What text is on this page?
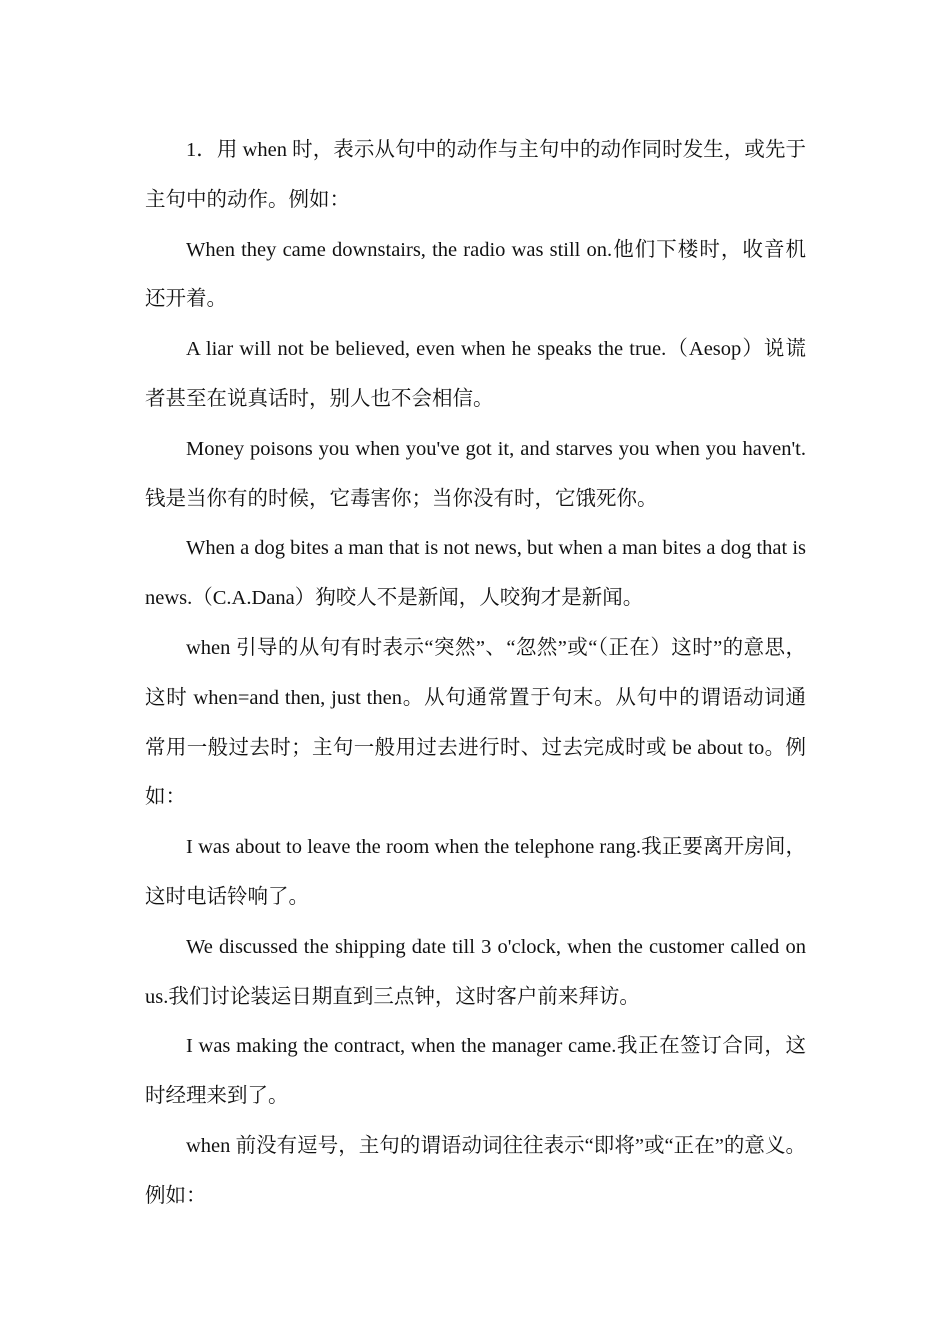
1．用 when 时，表示从句中的动作与主句中的动作同时发生，或先于主句中的动作。例如：

When they came downstairs, the radio was still on.他们下楼时，收音机还开着。

A liar will not be believed, even when he speaks the true.（Aesop）说谎者甚至在说真话时，别人也不会相信。

Money poisons you when you've got it, and starves you when you haven't.钱是当你有的时候，它毒害你；当你没有时，它饿死你。

When a dog bites a man that is not news, but when a man bites a dog that is news.（C.A.Dana）狗咬人不是新闻，人咬狗才是新闻。

when 引导的从句有时表示“突然”、“忽然”或“（正在）这时”的意思，这时 when=and then, just then。从句通常置于句末。从句中的谓语动词通常用一般过去时；主句一般用过去进行时、过去完成时或 be about to。例如：

I was about to leave the room when the telephone rang.我正要离开房间，这时电话铃响了。

We discussed the shipping date till 3 o'clock, when the customer called on us.我们讨论装运日期直到三点钟，这时客户前来拜访。

I was making the contract, when the manager came.我正在签订合同，这时经理来到了。

when 前没有逗号，主句的谓语动词往往表示“即将”或“正在”的意义。例如：
